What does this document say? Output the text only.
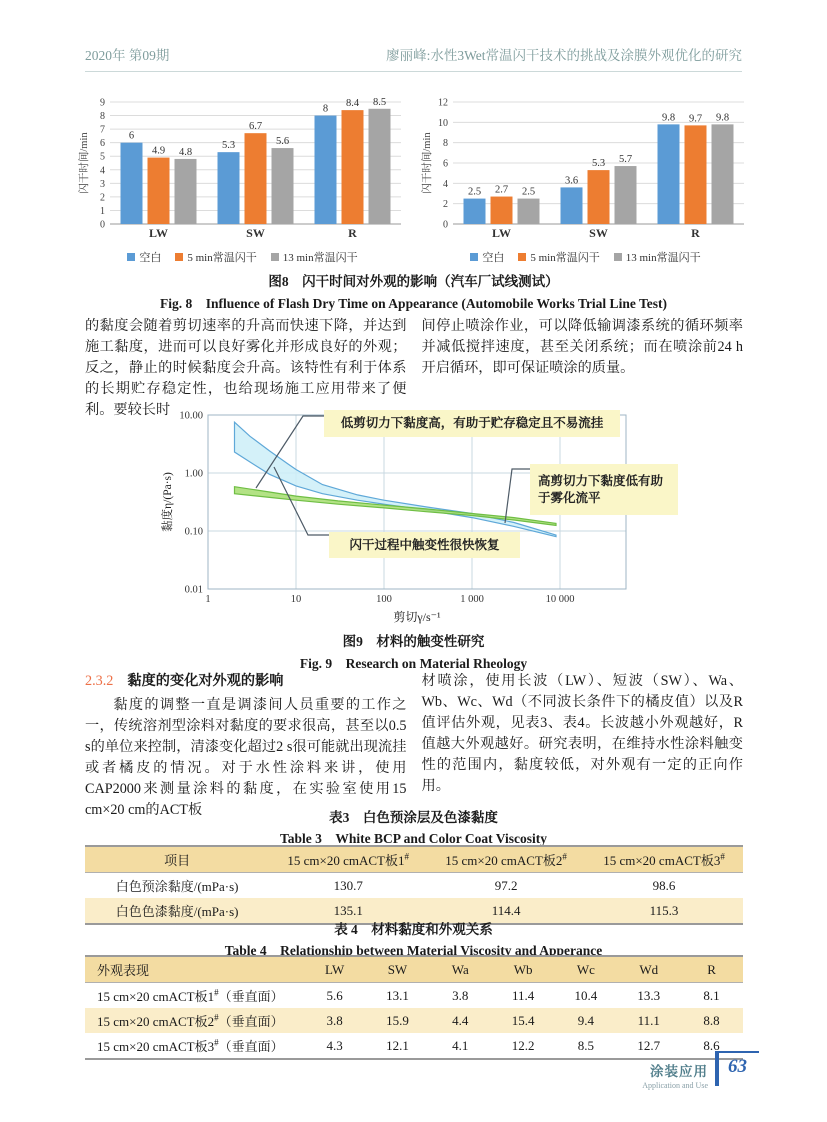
2020年 第09期	廖丽峰:水性3Wet常温闪干技术的挑战及涂膜外观优化的研究
0
1
2
3
4
5
6
7
8
9
闪干时间/min	6
4.9 4.8
LW
5.3
6.7
5.6
SW
8 8.4 8.5
R
空白 5 min常温闪干 13 min常温闪干
0
2
4
6
8
10
12
闪干时间/min	2.5 2.7 2.5
LW
3.6
5.3 5.7
SW
9.8 9.7 9.8
R
空白 5 min常温闪干 13 min常温闪干
图8　闪干时间对外观的影响（汽车厂试线测试）
Fig. 8　Influence of Flash Dry Time on Appearance (Automobile Works Trial Line Test)
的黏度会随着剪切速率的升高而快速下降，并达到施工黏度，进而可以良好雾化并形成良好的外观；反之，静止的时候黏度会升高。该特性有利于体系的长期贮存稳定性，也给现场施工应用带来了便利。要较长时
间停止喷涂作业，可以降低输调漆系统的循环频率并减低搅拌速度，甚至关闭系统；而在喷涂前24 h开启循环，即可保证喷涂的质量。
1	10	100	1 000	10 000
10.00
1.00
0.10
0.01
剪切γ/s⁻¹
黏度η/(Pa·s)
低剪切力下黏度高，有助于贮存稳定且不易流挂
高剪切力下黏度低有助于雾化流平
闪干过程中触变性很快恢复
图9　材料的触变性研究
Fig. 9　Research on Material Rheology
2.3.2 黏度的变化对外观的影响
黏度的调整一直是调漆间人员重要的工作之一，传统溶剂型涂料对黏度的要求很高，甚至以0.5 s的单位来控制，清漆变化超过2 s很可能就出现流挂或者橘皮的情况。对于水性涂料来讲，使用CAP2000来测量涂料的黏度，在实验室使用15 cm×20 cm的ACT板
材喷涂，使用长波（LW）、短波（SW）、Wa、Wb、Wc、Wd（不同波长条件下的橘皮值）以及R值评估外观，见表3、表4。长波越小外观越好，R值越大外观越好。研究表明，在维持水性涂料触变性的范围内，黏度较低，对外观有一定的正向作用。
表3　白色预涂层及色漆黏度
Table 3　White BCP and Color Coat Viscosity
项目	15 cm×20 cmACT板1#	15 cm×20 cmACT板2#	15 cm×20 cmACT板3#
白色预涂黏度/(mPa·s)	130.7	97.2	98.6
白色色漆黏度/(mPa·s)	135.1	114.4	115.3
表 4　材料黏度和外观关系
Table 4　Relationship between Material Viscosity and Apperance
外观表现	LW	SW	Wa	Wb	Wc	Wd	R
15 cm×20 cmACT板1#（垂直面）	5.6	13.1	3.8	11.4	10.4	13.3	8.1
15 cm×20 cmACT板2#（垂直面）	3.8	15.9	4.4	15.4	9.4	11.1	8.8
15 cm×20 cmACT板3#（垂直面）	4.3	12.1	4.1	12.2	8.5	12.7	8.6
涂装应用
Application and Use
63
